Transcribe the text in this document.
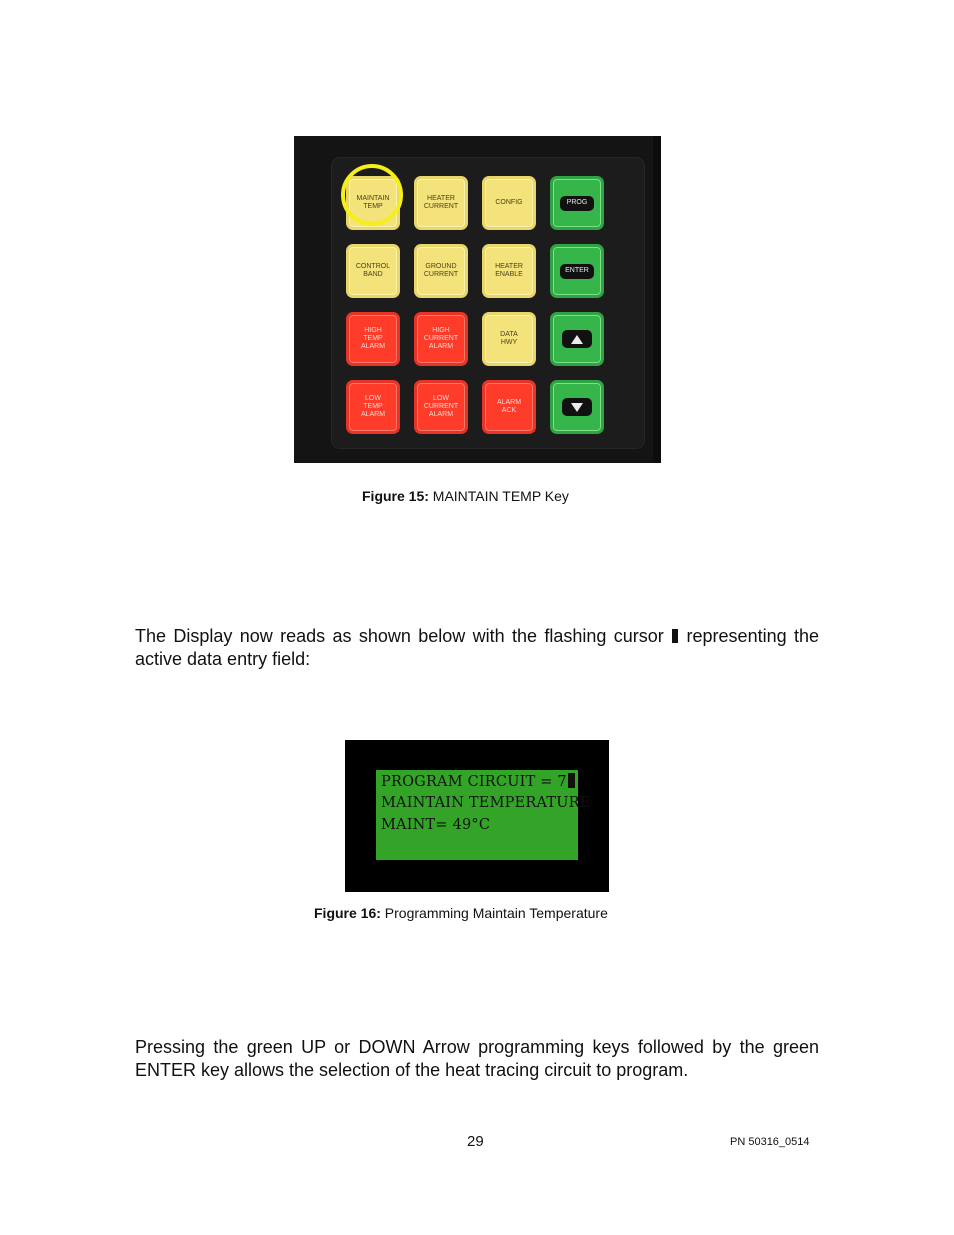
MAINTAIN
TEMP
HEATER
CURRENT
CONFIG	PROG
CONTROL
BAND
GROUND
CURRENT
HEATER
ENABLE
ENTER
HIGH
TEMP
ALARM
HIGH
CURRENT
ALARM
DATA
HWY
LOW
TEMP
ALARM
LOW
CURRENT
ALARM
ALARM
ACK
Figure 15: MAINTAIN TEMP Key
The Display now reads as shown below with the flashing cursor representing the active data entry field:
PROGRAM CIRCUIT = 7
MAINTAIN TEMPERATURE
MAINT= 49°C
Figure 16: Programming Maintain Temperature
Pressing the green UP or DOWN Arrow programming keys followed by the green ENTER key allows the selection of the heat tracing circuit to program.
29	PN 50316_0514
